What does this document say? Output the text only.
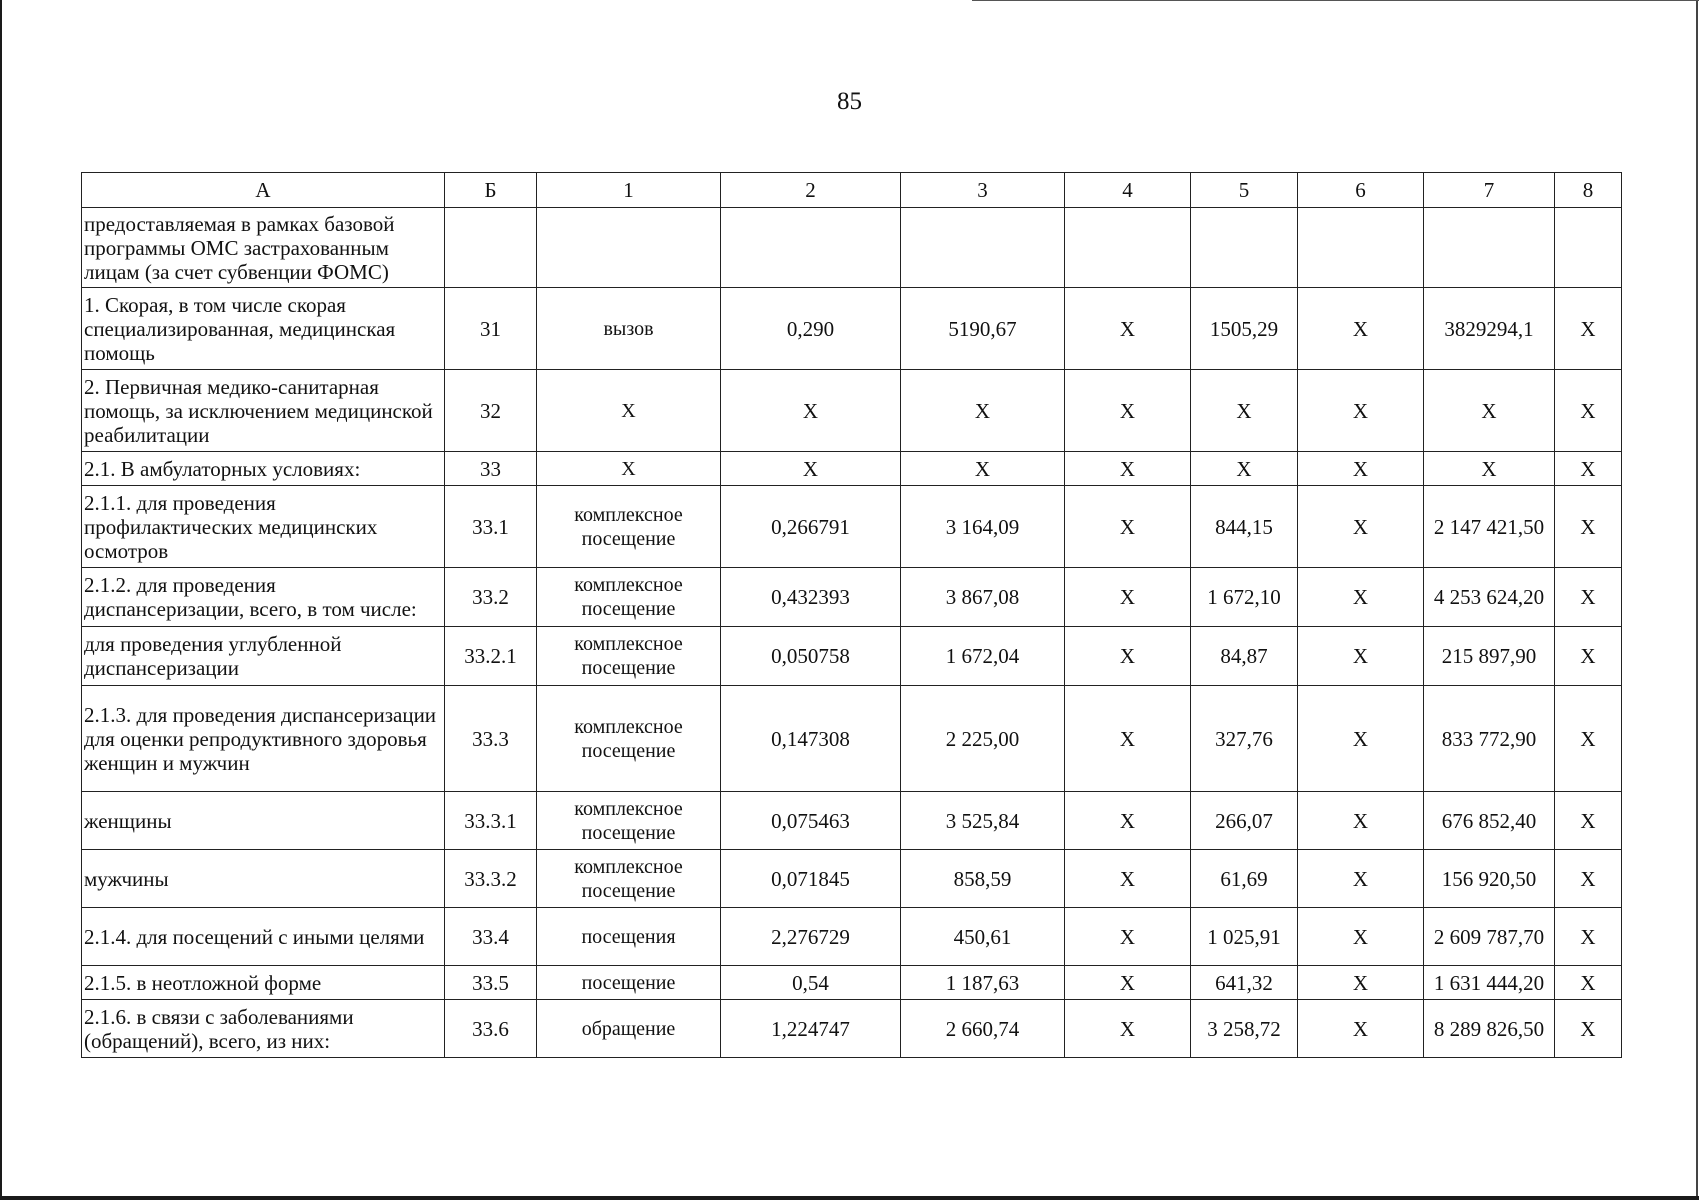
85
А	Б	1	2	3	4	5	6	7	8
предоставляемая в рамках базовой программы ОМС застрахованным лицам (за счет субвенции ФОМС)									
1. Скорая, в том числе скорая специализированная, медицинская помощь	31	вызов	0,290	5190,67	X	1505,29	X	3829294,1	X
2. Первичная медико-санитарная помощь, за исключением медицинской реабилитации	32	X	X	X	X	X	X	X	X
2.1. В амбулаторных условиях:	33	X	X	X	X	X	X	X	X
2.1.1. для проведения профилактических медицинских осмотров	33.1	комплексное посещение	0,266791	3 164,09	X	844,15	X	2 147 421,50	X
2.1.2. для проведения диспансеризации, всего, в том числе:	33.2	комплексное посещение	0,432393	3 867,08	X	1 672,10	X	4 253 624,20	X
для проведения углубленной диспансеризации	33.2.1	комплексное посещение	0,050758	1 672,04	X	84,87	X	215 897,90	X
2.1.3. для проведения диспансеризации для оценки репродуктивного здоровья женщин и мужчин	33.3	комплексное посещение	0,147308	2 225,00	X	327,76	X	833 772,90	X
женщины	33.3.1	комплексное посещение	0,075463	3 525,84	X	266,07	X	676 852,40	X
мужчины	33.3.2	комплексное посещение	0,071845	858,59	X	61,69	X	156 920,50	X
2.1.4. для посещений с иными целями	33.4	посещения	2,276729	450,61	X	1 025,91	X	2 609 787,70	X
2.1.5. в неотложной форме	33.5	посещение	0,54	1 187,63	X	641,32	X	1 631 444,20	X
2.1.6. в связи с заболеваниями (обращений), всего, из них:	33.6	обращение	1,224747	2 660,74	X	3 258,72	X	8 289 826,50	X
